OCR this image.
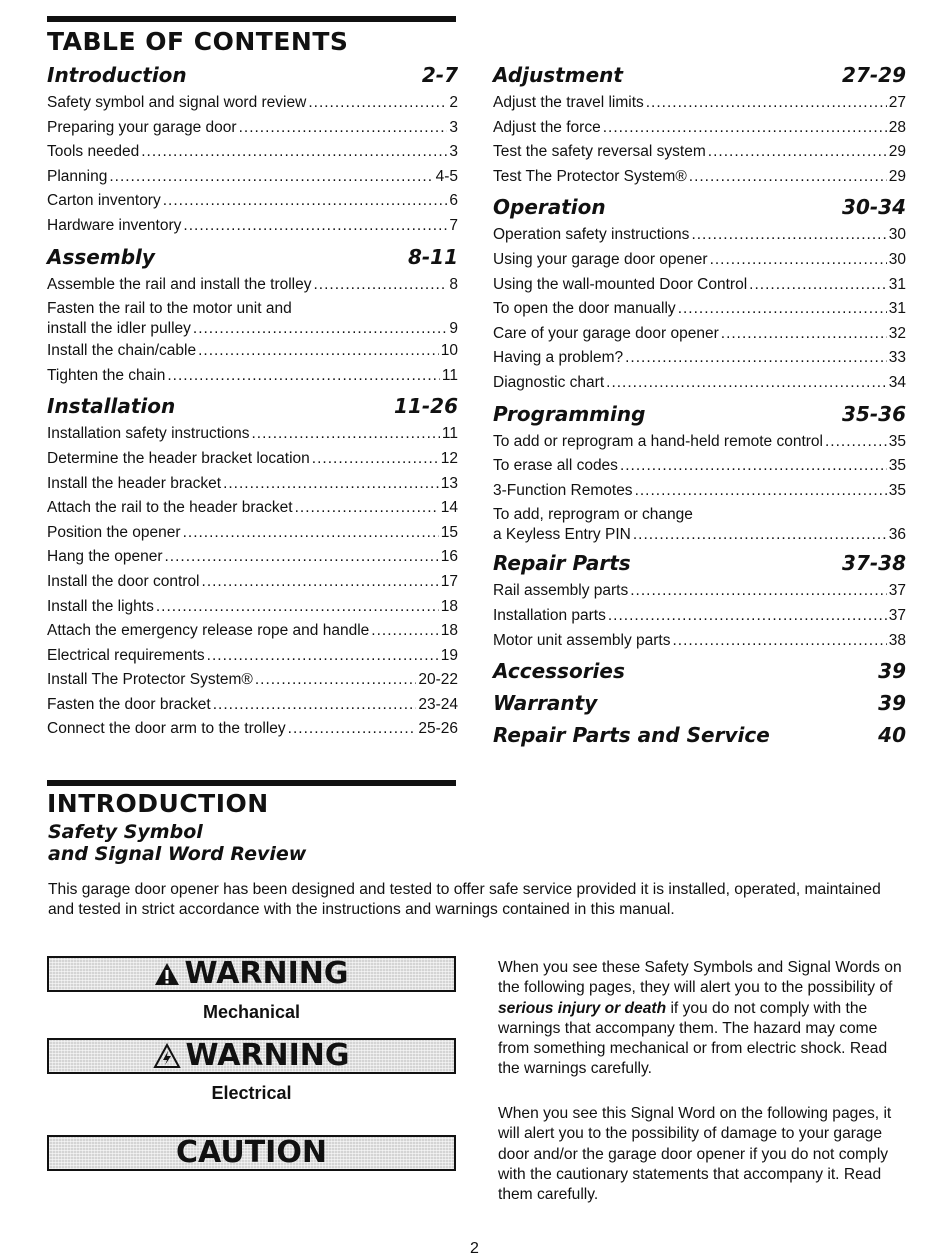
TABLE OF CONTENTS
Introduction	2-7
Safety symbol and signal word review .....	2
Preparing your garage door .....	3
Tools needed .....	3
Planning .....	4-5
Carton inventory .....	6
Hardware inventory .....	7
Assembly	8-11
Assemble the rail and install the trolley .....	8
Fasten the rail to the motor unit and
install the idler pulley .....	9
Install the chain/cable .....	10
Tighten the chain .....	11
Installation	11-26
Installation safety instructions .....	11
Determine the header bracket location .....	12
Install the header bracket .....	13
Attach the rail to the header bracket .....	14
Position the opener .....	15
Hang the opener .....	16
Install the door control .....	17
Install the lights .....	18
Attach the emergency release rope and handle .....	18
Electrical requirements .....	19
Install The Protector System® .....	20-22
Fasten the door bracket .....	23-24
Connect the door arm to the trolley .....	25-26
Adjustment	27-29
Adjust the travel limits .....	27
Adjust the force .....	28
Test the safety reversal system .....	29
Test The Protector System® .....	29
Operation	30-34
Operation safety instructions .....	30
Using your garage door opener .....	30
Using the wall-mounted Door Control .....	31
To open the door manually .....	31
Care of your garage door opener .....	32
Having a problem? .....	33
Diagnostic chart .....	34
Programming	35-36
To add or reprogram a hand-held remote control .....	35
To erase all codes .....	35
3-Function Remotes .....	35
To add, reprogram or change
a Keyless Entry PIN .....	36
Repair Parts	37-38
Rail assembly parts .....	37
Installation parts .....	37
Motor unit assembly parts .....	38
Accessories	39
Warranty	39
Repair Parts and Service	40
INTRODUCTION
Safety Symbol
and Signal Word Review
This garage door opener has been designed and tested to offer safe service provided it is installed, operated, maintained and tested in strict accordance with the instructions and warnings contained in this manual.
WARNING
Mechanical
WARNING
Electrical
CAUTION
When you see these Safety Symbols and Signal Words on the following pages, they will alert you to the possibility of serious injury or death if you do not comply with the warnings that accompany them. The hazard may come from something mechanical or from electric shock. Read the warnings carefully.
When you see this Signal Word on the following pages, it will alert you to the possibility of damage to your garage door and/or the garage door opener if you do not comply with the cautionary statements that accompany it. Read them carefully.
2
